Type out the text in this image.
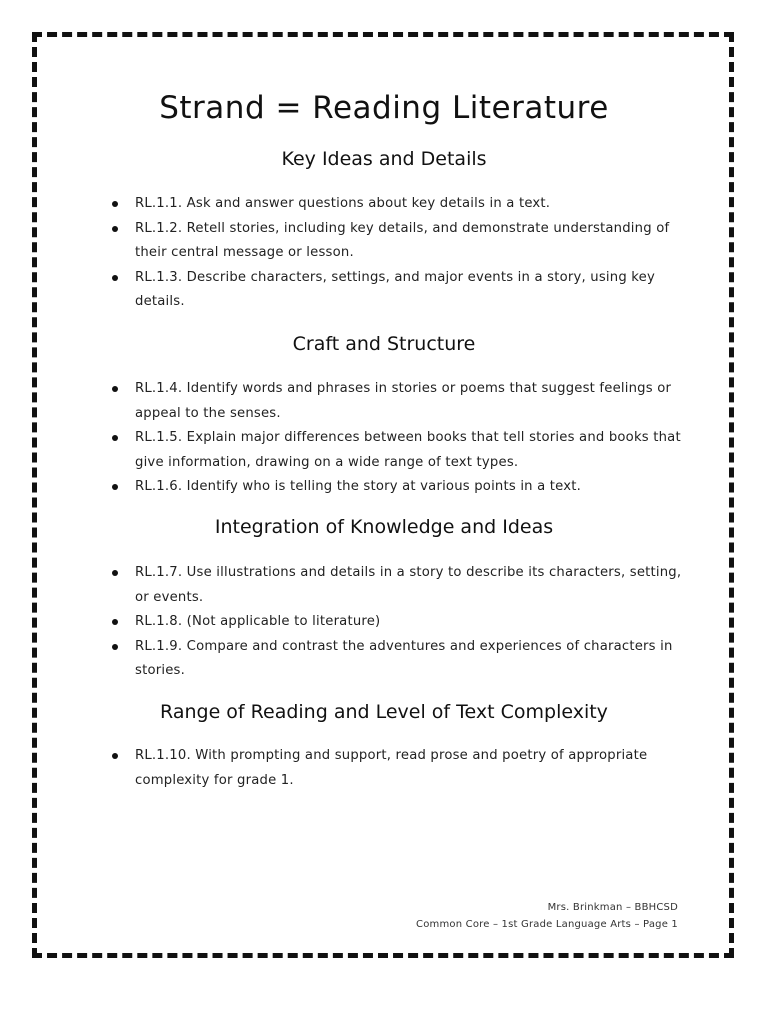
Strand = Reading Literature
Key Ideas and Details
RL.1.1. Ask and answer questions about key details in a text.
RL.1.2. Retell stories, including key details, and demonstrate understanding of their central message or lesson.
RL.1.3. Describe characters, settings, and major events in a story, using key details.
Craft and Structure
RL.1.4. Identify words and phrases in stories or poems that suggest feelings or appeal to the senses.
RL.1.5. Explain major differences between books that tell stories and books that give information, drawing on a wide range of text types.
RL.1.6. Identify who is telling the story at various points in a text.
Integration of Knowledge and Ideas
RL.1.7. Use illustrations and details in a story to describe its characters, setting, or events.
RL.1.8. (Not applicable to literature)
RL.1.9. Compare and contrast the adventures and experiences of characters in stories.
Range of Reading and Level of Text Complexity
RL.1.10. With prompting and support, read prose and poetry of appropriate complexity for grade 1.
Mrs. Brinkman – BBHCSD
Common Core – 1st Grade Language Arts – Page 1
